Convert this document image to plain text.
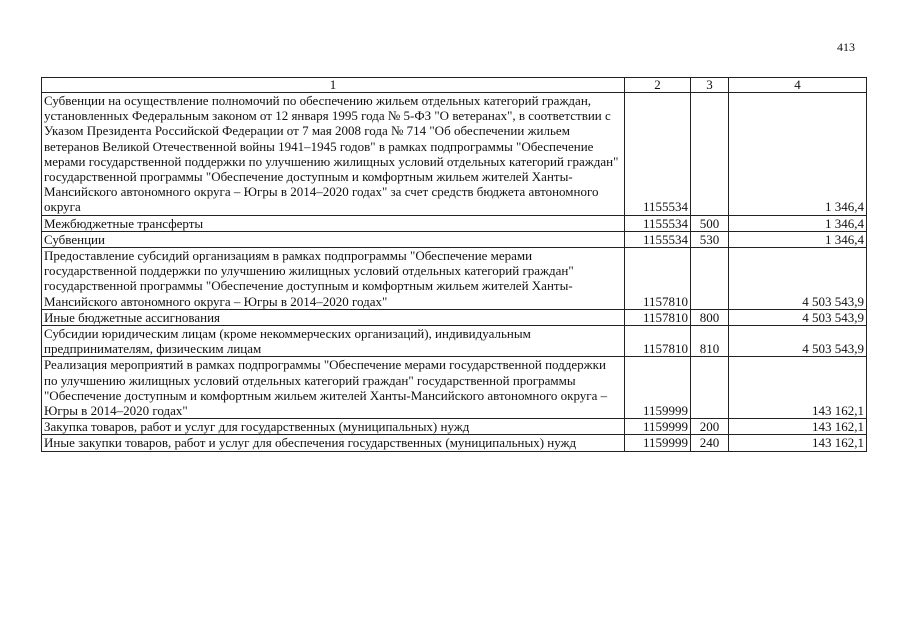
413
1	2	3	4
Субвенции на осуществление полномочий по обеспечению жильем отдельных категорий граждан, установленных Федеральным законом от 12 января 1995 года № 5-ФЗ "О ветеранах", в соответствии с Указом Президента Российской Федерации от 7 мая 2008 года № 714 "Об обеспечении жильем ветеранов Великой Отечественной войны 1941–1945 годов" в рамках подпрограммы "Обеспечение мерами государственной поддержки по улучшению жилищных условий отдельных категорий граждан" государственной программы "Обеспечение доступным и комфортным жильем жителей Ханты-Мансийского автономного округа – Югры в 2014–2020 годах" за счет средств бюджета автономного округа	1155534		1 346,4
Межбюджетные трансферты	1155534	500	1 346,4
Субвенции	1155534	530	1 346,4
Предоставление субсидий организациям в рамках подпрограммы "Обеспечение мерами государственной поддержки по улучшению жилищных условий отдельных категорий граждан" государственной программы "Обеспечение доступным и комфортным жильем жителей Ханты-Мансийского автономного округа – Югры в 2014–2020 годах"	1157810		4 503 543,9
Иные бюджетные ассигнования	1157810	800	4 503 543,9
Субсидии юридическим лицам (кроме некоммерческих организаций), индивидуальным предпринимателям, физическим лицам	1157810	810	4 503 543,9
Реализация мероприятий в рамках подпрограммы "Обеспечение мерами государственной поддержки по улучшению жилищных условий отдельных категорий граждан" государственной программы "Обеспечение доступным и комфортным жильем жителей Ханты-Мансийского автономного округа – Югры в 2014–2020 годах"	1159999		143 162,1
Закупка товаров, работ и услуг для государственных (муниципальных) нужд	1159999	200	143 162,1
Иные закупки товаров, работ и услуг для обеспечения государственных (муниципальных) нужд	1159999	240	143 162,1
